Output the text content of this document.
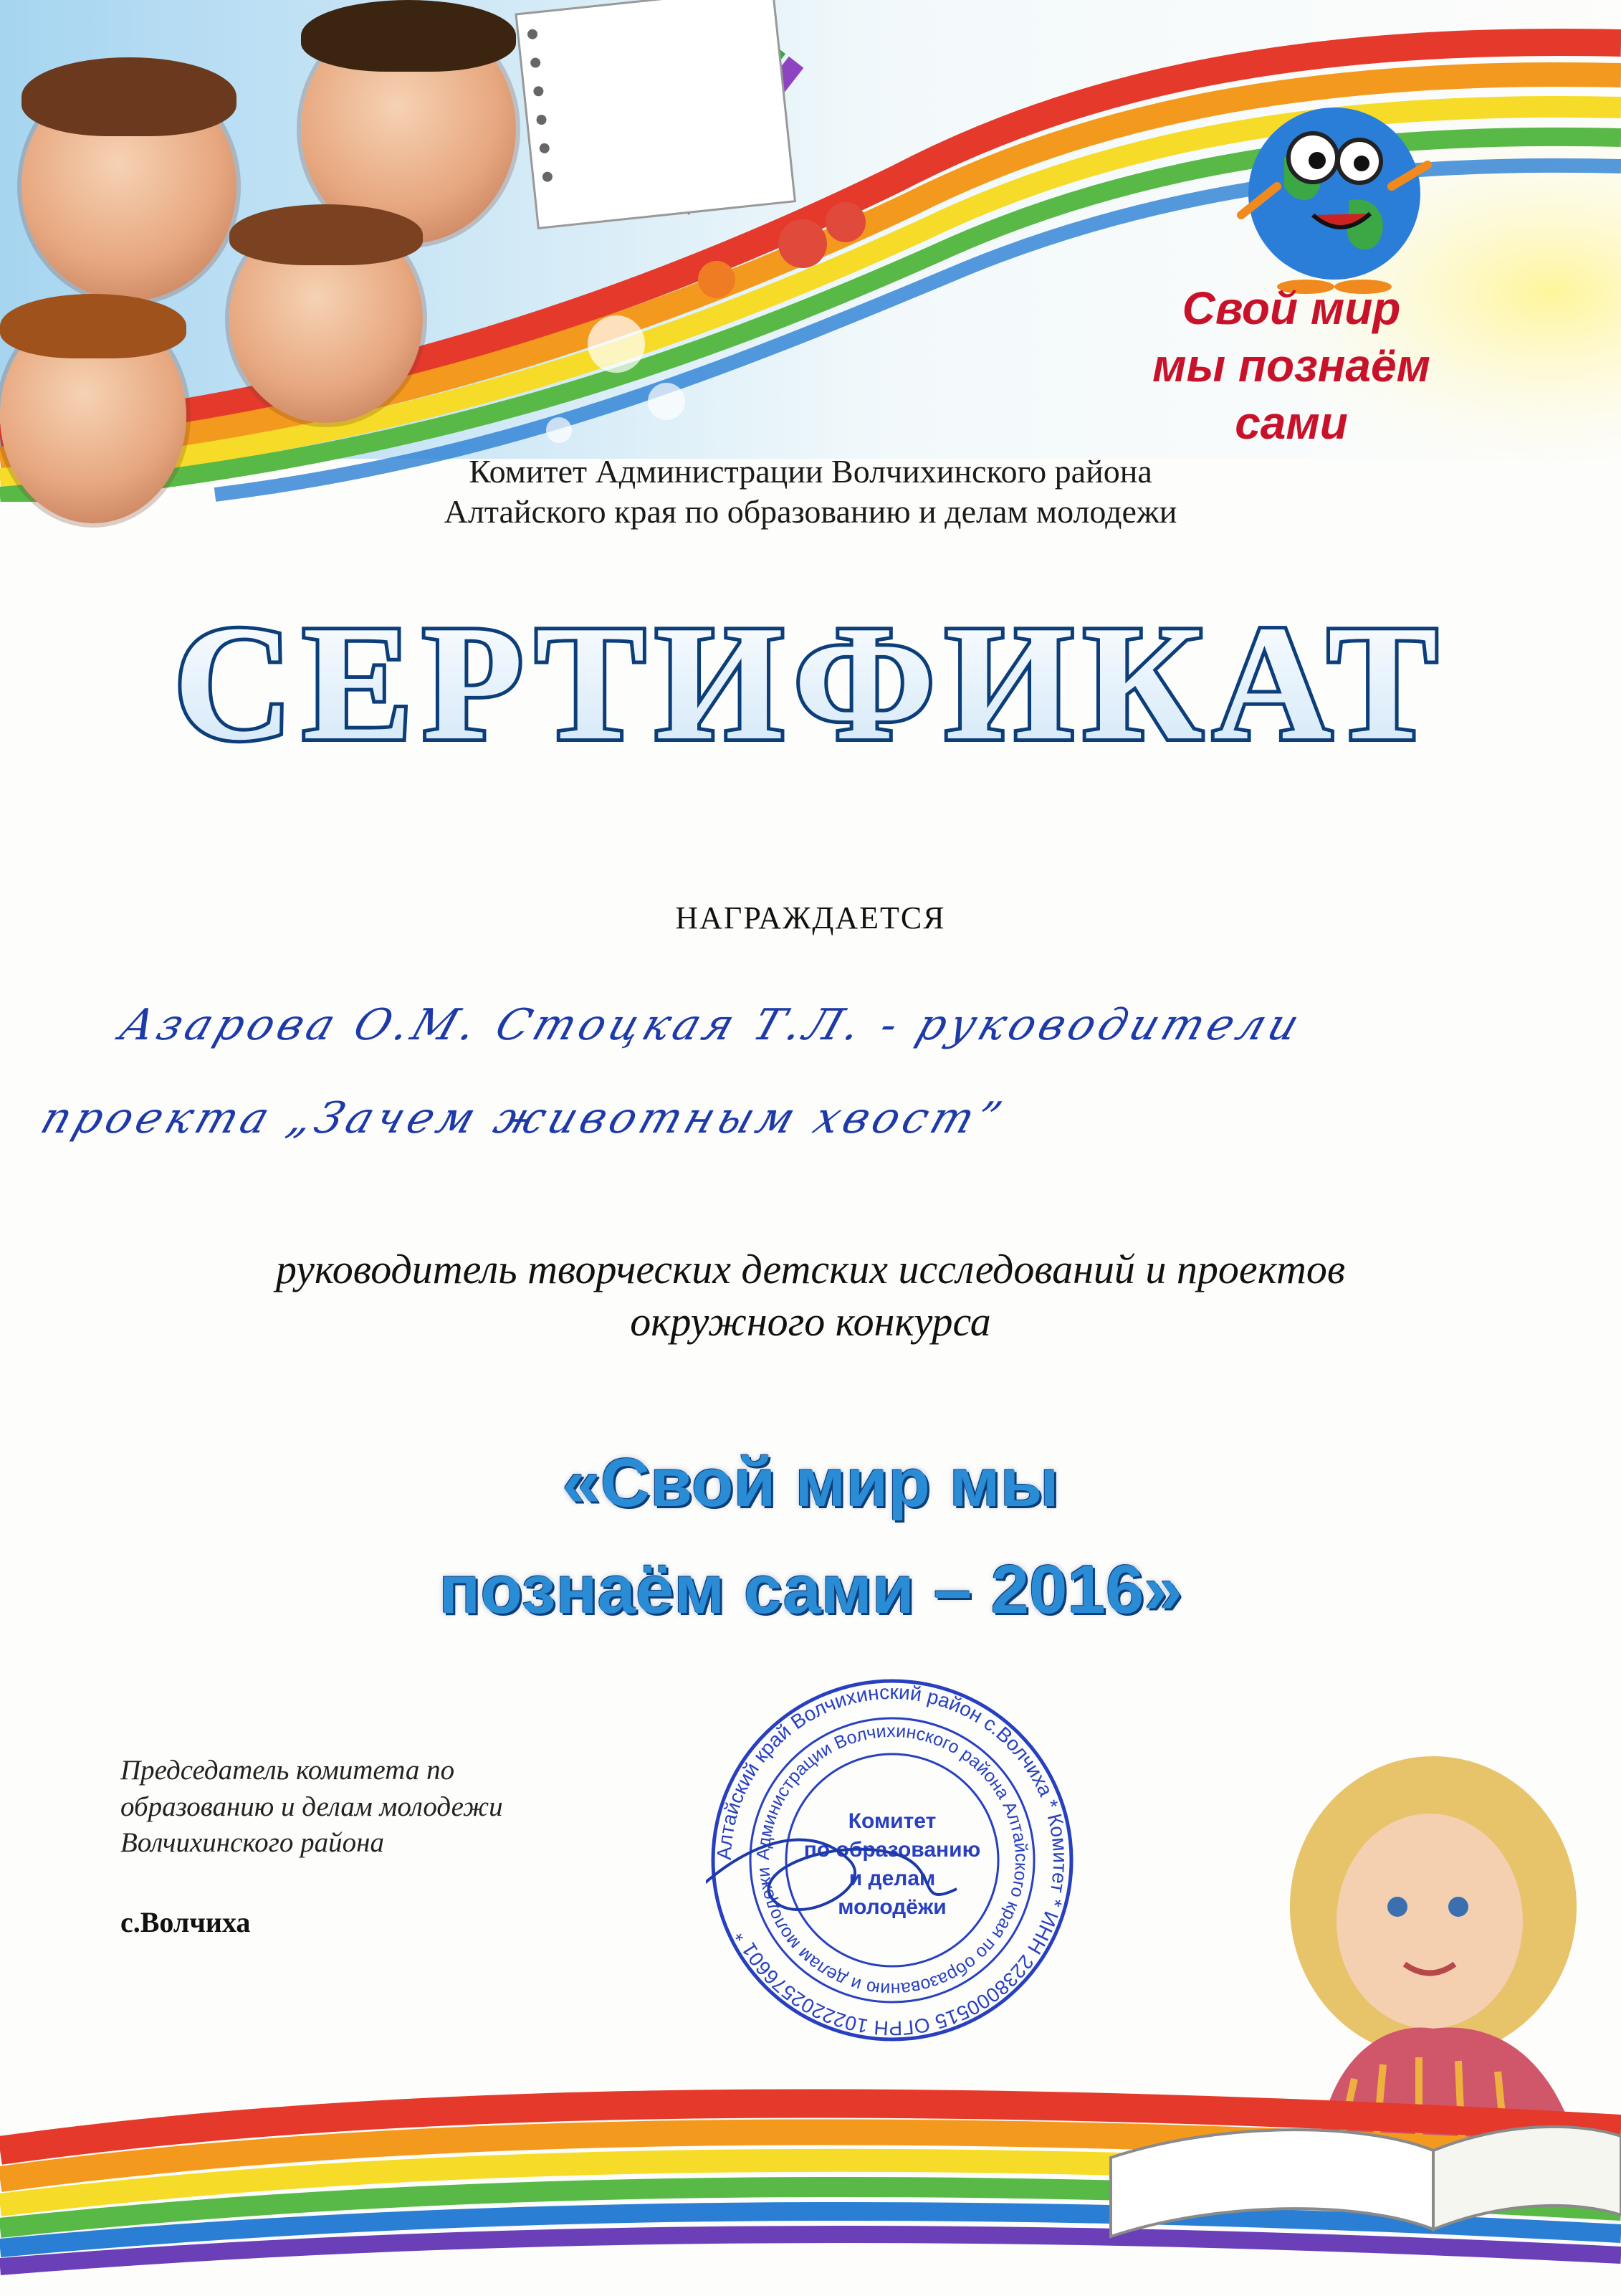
Свой мир
мы познаём сами
Комитет Администрации Волчихинского района
Алтайского края по образованию и делам молодежи
СЕРТИФИКАТ
НАГРАЖДАЕТСЯ
Азарова О.М. Стоцкая Т.Л. - руководители
проекта „Зачем животным хвост”
руководитель творческих детских исследований и проектов
окружного конкурса
«Свой мир мы
познаём сами – 2016»
Председатель комитета по
образованию и делам молодежи
Волчихинского района
с.Волчиха
Алтайский край Волчихинский район с.Волчиха * Комитет * ИНН 2238000515 ОГРН 1022202576601 *
Администрации Волчихинского района Алтайского края по образованию и делам молодежи
Комитет
по образованию
и делам
молодёжи
